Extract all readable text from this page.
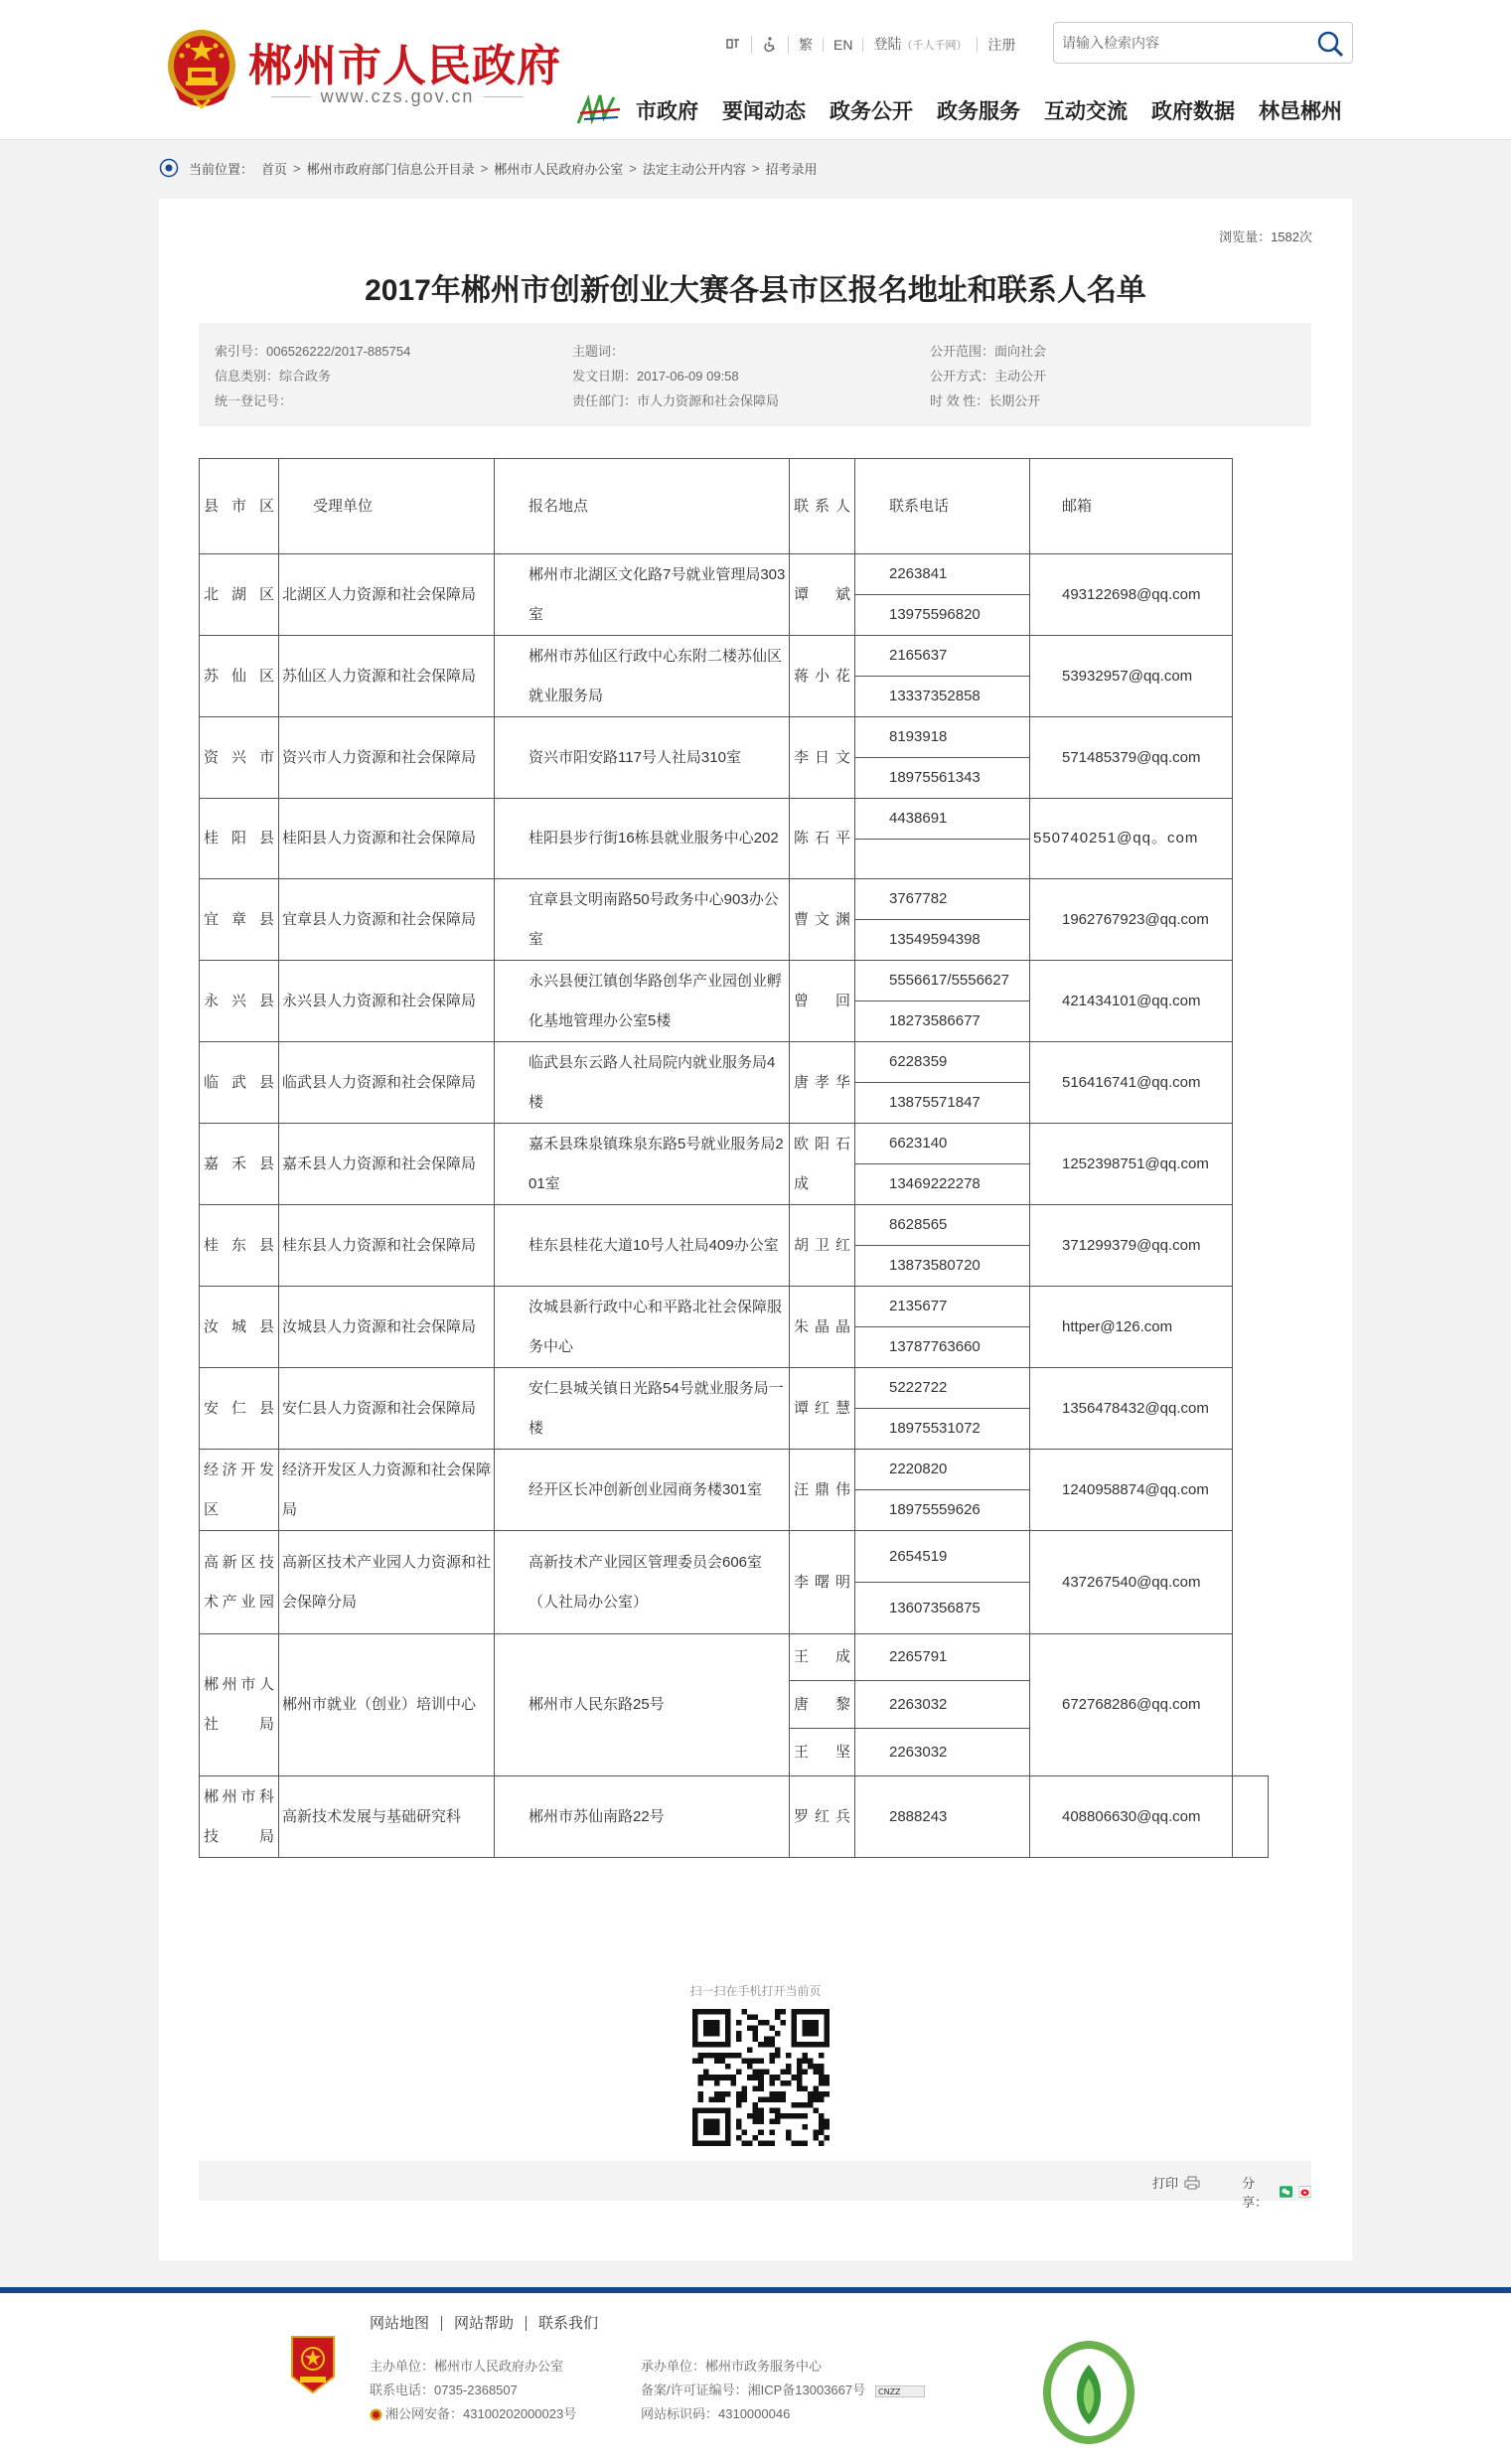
郴州市人民政府
www.czs.gov.cn
繁	EN	登陆（千人千网）	注册
请输入检索内容
市政府 要闻动态 政务公开 政务服务 互动交流 政府数据 林邑郴州
当前位置： 首页 > 郴州市政府部门信息公开目录 > 郴州市人民政府办公室 > 法定主动公开内容 > 招考录用
浏览量：1582次
2017年郴州市创新创业大赛各县市区报名地址和联系人名单
索引号：006526222/2017-885754	主题词：	公开范围：面向社会
信息类别：综合政务	发文日期：2017-06-09 09:58	公开方式：主动公开
统一登记号：	责任部门：市人力资源和社会保障局	时 效 性：长期公开
县市区	受理单位	报名地点	联系人	联系电话	邮箱
北湖区	北湖区人力资源和社会保障局	郴州市北湖区文化路7号就业管理局303室	谭斌	2263841	493122698@qq.com
				13975596820	
苏仙区	苏仙区人力资源和社会保障局	郴州市苏仙区行政中心东附二楼苏仙区就业服务局	蒋小花	2165637	53932957@qq.com
				13337352858	
资兴市	资兴市人力资源和社会保障局	资兴市阳安路117号人社局310室	李日文	8193918	571485379@qq.com
				18975561343	
桂阳县	桂阳县人力资源和社会保障局	桂阳县步行街16栋县就业服务中心202	陈石平	4438691	550740251@qq。com

宜章县	宜章县人力资源和社会保障局	宜章县文明南路50号政务中心903办公室	曹文渊	3767782	1962767923@qq.com
				13549594398	
永兴县	永兴县人力资源和社会保障局	永兴县便江镇创华路创华产业园创业孵化基地管理办公室5楼	曾回	5556617/5556627	421434101@qq.com
				18273586677	
临武县	临武县人力资源和社会保障局	临武县东云路人社局院内就业服务局4楼	唐孝华	6228359	516416741@qq.com
				13875571847	
嘉禾县	嘉禾县人力资源和社会保障局	嘉禾县珠泉镇珠泉东路5号就业服务局201室	欧阳石成	6623140	1252398751@qq.com
				13469222278	
桂东县	桂东县人力资源和社会保障局	桂东县桂花大道10号人社局409办公室	胡卫红	8628565	371299379@qq.com
				13873580720	
汝城县	汝城县人力资源和社会保障局	汝城县新行政中心和平路北社会保障服务中心	朱晶晶	2135677	httper@126.com
				13787763660	
安仁县	安仁县人力资源和社会保障局	安仁县城关镇日光路54号就业服务局一楼	谭红慧	5222722	1356478432@qq.com
				18975531072	
经济开发区	经济开发区人力资源和社会保障局	经开区长冲创新创业园商务楼301室	汪鼎伟	2220820	1240958874@qq.com
				18975559626	
高新区技术产业园	高新区技术产业园人力资源和社会保障分局	高新技术产业园区管理委员会606室（人社局办公室）	李曙明	2654519	437267540@qq.com
				13607356875	
郴州市人社局	郴州市就业（创业）培训中心	郴州市人民东路25号	王成	2265791	672768286@qq.com
			唐黎	2263032	
			王坚	2263032	
郴州市科技局	高新技术发展与基础研究科	郴州市苏仙南路22号	罗红兵	2888243	408806630@qq.com
扫一扫在手机打开当前页
打印	分享：
网站地图	网站帮助	联系我们
主办单位：郴州市人民政府办公室	承办单位：郴州市政务服务中心
联系电话：0735-2368507	备案/许可证编号：湘ICP备13003667号 CNZZ
湘公网安备：43100202000023号	网站标识码：4310000046
